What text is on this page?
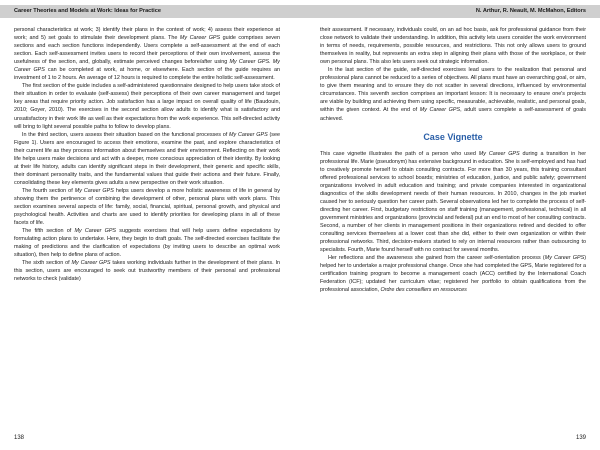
Career Theories and Models at Work: Ideas for Practice	N. Arthur, R. Neault, M. McMahon, Editors

personal characteristics at work; 3) identify their plans in the context of work; 4) assess their experience at work; and 5) set goals to stimulate their development plans. The My Career GPS guide comprises seven sections and each section functions independently. Users complete a self-assessment at the end of each section. Each self-assessment invites users to record their perceptions of their own involvement, assess the usefulness of the section, and, globally, estimate perceived changes before/after using My Career GPS. My Career GPS can be completed at work, at home, or elsewhere. Each section of the guide requires an investment of 1 to 2 hours. An average of 12 hours is required to complete the entire holistic self-assessment.

The first section of the guide includes a self-administered questionnaire designed to help users take stock of their situation in order to evaluate (self-assess) their perceptions of their own career management and target key areas that require priority action. Job satisfaction has a large impact on overall quality of life (Baudouin, 2010; Goyer, 2010). The exercises in the second section allow adults to identify what is satisfactory and unsatisfactory in their work life as well as their expectations from the work experience. This self-directed activity will bring to light several possible paths to follow to develop plans.

In the third section, users assess their situation based on the functional processes of My Career GPS (see Figure 1). Users are encouraged to access their emotions, examine the past, and explore characteristics of their current life as they process information about themselves and their environment. Reflecting on their work life helps users make decisions and act with a deeper, more conscious appreciation of their identity. By looking at their life history, adults can identify significant steps in their development, their generic and specific skills, their dominant personality traits, and the fundamental values that guide their actions and their future. Finally, consolidating these key elements gives adults a new perspective on their work situation.

The fourth section of My Career GPS helps users develop a more holistic awareness of life in general by showing them the pertinence of combining the development of other, personal plans with work plans. This section examines several aspects of life: family, social, financial, spiritual, personal growth, and physical and psychological health. Activities and charts are used to identify priorities for developing plans in all of these facets of life.

The fifth section of My Career GPS suggests exercises that will help users define expectations by formulating action plans to undertake. Here, they begin to draft goals. The self-directed exercises facilitate the making of predictions and the clarification of expectations (by inviting users to describe an optimal work situation), then help to define plans of action.

The sixth section of My Career GPS takes working individuals further in the development of their plans. In this section, users are encouraged to seek out trustworthy members of their personal and professional networks to check (validate)

their assessment. If necessary, individuals could, on an ad hoc basis, ask for professional guidance from their close network to validate their understanding. In addition, this activity lets users consider the work environment in terms of needs, requirements, possible resources, and restrictions. This not only allows users to ground themselves in reality, but represents an extra step in aligning their plans with those of the workplace, or their own personal plans. This also lets users seek out strategic information.

In the last section of the guide, self-directed exercises lead users to the realization that personal and professional plans cannot be reduced to a series of objectives. All plans must have an overarching goal, or aim, to give them meaning and to ensure they do not scatter in several directions, influenced by environmental circumstances. This seventh section comprises an important lesson: It is necessary to ensure one's projects are viable by building and achieving them using specific, measurable, achievable, realistic, and personal goals, within the given context. At the end of My Career GPS, adult users complete a self-assessment of goals achieved.

Case Vignette

This case vignette illustrates the path of a person who used My Career GPS during a transition in her professional life. Marie (pseudonym) has extensive background in education. She is self-employed and has had to creatively promote herself to obtain consulting contracts. For more than 30 years, this training consultant offered professional services to school boards; ministries of education, justice, and public safety; government organizations involved in adult education and training; and private companies interested in organizational diagnostics of the skills development needs of their human resources. In 2010, changes in the job market caused her to seriously question her career path. Several observations led her to complete the process of self-directing her career. First, budgetary restrictions on staff training (management, professional, technical) in all government ministries and organizations (provincial and federal) put an end to most of her consulting contracts. Second, a number of her clients in management positions in their organizations retired and decided to offer consulting services themselves at a lower cost than she did, either to their own organization or within their professional networks. Third, decision-makers started to rely on internal resources rather than outsourcing to specialists. Fourth, Marie found herself with no contract for several months.

Her reflections and the awareness she gained from the career self-orientation process (My Career GPS) helped her to undertake a major professional change. Once she had completed the GPS, Marie registered for a certification training program to become a management coach (ACC) certified by the International Coach Federation (ICF); updated her curriculum vitae; registered her portfolio to obtain qualifications from the professional association, Ordre des conseillers en ressources

138	139
